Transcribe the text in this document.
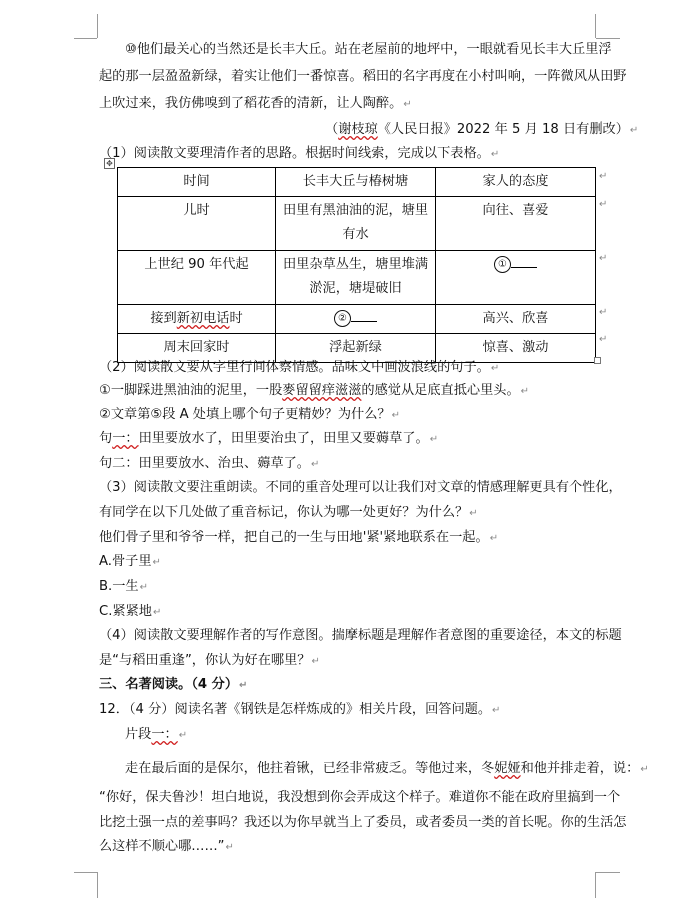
⑩他们最关心的当然还是长丰大丘。站在老屋前的地坪中，一眼就看见长丰大丘里浮
起的那一层盈盈新绿，着实让他们一番惊喜。稻田的名字再度在小村叫响，一阵微风从田野
上吹过来，我仿佛嗅到了稻花香的清新，让人陶醉。↵
（谢枝琼《人民日报》2022 年 5 月 18 日有删改）↵
（1）阅读散文要理清作者的思路。根据时间线索，完成以下表格。↵
✥
时间	长丰大丘与椿树塘	家人的态度
儿时	田里有黑油油的泥，塘里有水	向往、喜爱
上世纪 90 年代起	田里杂草丛生，塘里堆满淤泥，塘堤破旧	①
接到新初电话时	②	高兴、欣喜
周末回家时	浮起新绿	惊喜、激动
↵
↵
↵
↵
↵
（2）阅读散文要从字里行间体察情感。品味文中画波浪线的句子。↵
①一脚踩进黑油油的泥里，一股麥留留痒滋滋的感觉从足底直抵心里头。↵
②文章第⑤段 A 处填上哪个句子更精妙？为什么？↵
句一：田里要放水了，田里要治虫了，田里又要薅草了。↵
句二：田里要放水、治虫、薅草了。↵
（3）阅读散文要注重朗读。不同的重音处理可以让我们对文章的情感理解更具有个性化，
有同学在以下几处做了重音标记，你认为哪一处更好？为什么？↵
他们骨子里和爷爷一样，把自己的一生与田地'紧'紧地联系在一起。↵
A.骨子里↵
B.一生↵
C.紧紧地↵
（4）阅读散文要理解作者的写作意图。揣摩标题是理解作者意图的重要途径，本文的标题
是“与稻田重逢”，你认为好在哪里？↵
三、名著阅读。（4 分）↵
12．（4 分）阅读名著《钢铁是怎样炼成的》相关片段，回答问题。↵
片段一：↵
走在最后面的是保尔，他拄着锹，已经非常疲乏。等他过来，冬妮娅和他并排走着，说：↵
“你好，保夫鲁沙！坦白地说，我没想到你会弄成这个样子。难道你不能在政府里搞到一个
比挖土强一点的差事吗？我还以为你早就当上了委员，或者委员一类的首长呢。你的生活怎
么这样不顺心哪……”↵
